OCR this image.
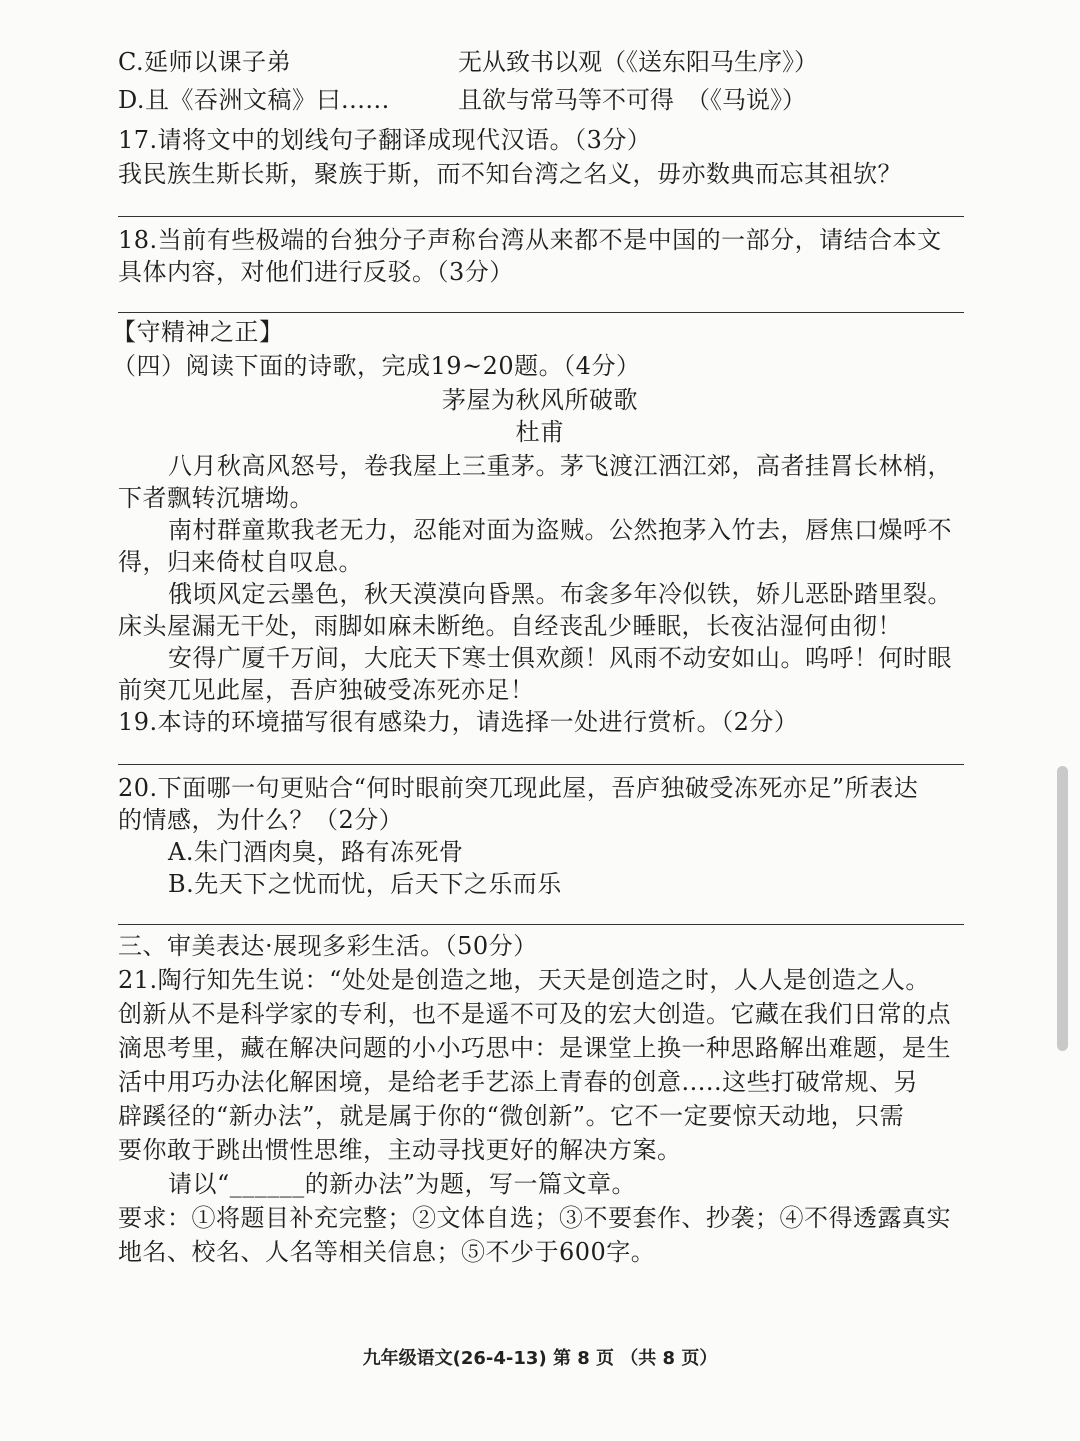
C.延师以课子弟	无从致书以观（《送东阳马生序》）
D.且《吞洲文稿》曰......	且欲与常马等不可得　（《马说》）
17.请将文中的划线句子翻译成现代汉语。（3分）
我民族生斯长斯，聚族于斯，而不知台湾之名义，毋亦数典而忘其祖欤？
18.当前有些极端的台独分子声称台湾从来都不是中国的一部分，请结合本文
具体内容，对他们进行反驳。（3分）
【守精神之正】
（四）阅读下面的诗歌，完成19~20题。（4分）
茅屋为秋风所破歌
杜甫
八月秋高风怒号，卷我屋上三重茅。茅飞渡江洒江郊，高者挂罥长林梢，
下者飘转沉塘坳。
南村群童欺我老无力，忍能对面为盗贼。公然抱茅入竹去，唇焦口燥呼不
得，归来倚杖自叹息。
俄顷风定云墨色，秋天漠漠向昏黑。布衾多年冷似铁，娇儿恶卧踏里裂。
床头屋漏无干处，雨脚如麻未断绝。自经丧乱少睡眠，长夜沾湿何由彻！
安得广厦千万间，大庇天下寒士俱欢颜！风雨不动安如山。呜呼！何时眼
前突兀见此屋，吾庐独破受冻死亦足！
19.本诗的环境描写很有感染力，请选择一处进行赏析。（2分）
20.下面哪一句更贴合“何时眼前突兀现此屋，吾庐独破受冻死亦足”所表达
的情感，为什么？（2分）
A.朱门酒肉臭，路有冻死骨
B.先天下之忧而忧，后天下之乐而乐
三、审美表达·展现多彩生活。（50分）
21.陶行知先生说：“处处是创造之地，天天是创造之时，人人是创造之人。
创新从不是科学家的专利，也不是遥不可及的宏大创造。它藏在我们日常的点
滴思考里，藏在解决问题的小小巧思中：是课堂上换一种思路解出难题，是生
活中用巧办法化解困境，是给老手艺添上青春的创意.....这些打破常规、另
辟蹊径的“新办法”，就是属于你的“微创新”。它不一定要惊天动地，只需
要你敢于跳出惯性思维，主动寻找更好的解决方案。
请以“______的新办法”为题，写一篇文章。
要求：①将题目补充完整；②文体自选；③不要套作、抄袭；④不得透露真实
地名、校名、人名等相关信息；⑤不少于600字。
九年级语文(26-4-13) 第 8 页 （共 8 页）
